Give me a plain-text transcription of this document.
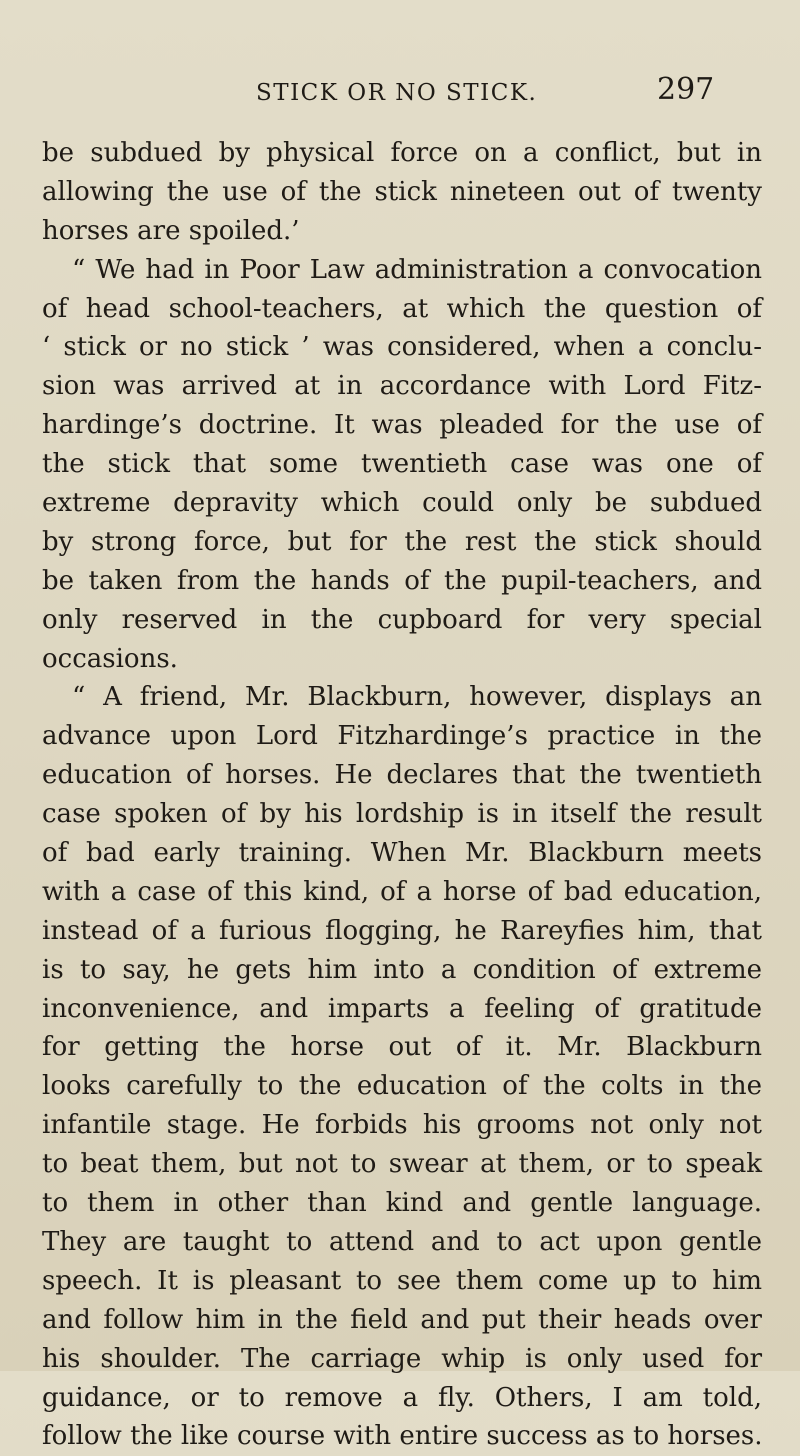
STICK OR NO STICK.	297
be subdued by physical force on a conflict, but in
allowing the use of the stick nineteen out of twenty
horses are spoiled.’
“ We had in Poor Law administration a convocation
of head school-teachers, at which the question of
‘ stick or no stick ’ was considered, when a conclu-
sion was arrived at in accordance with Lord Fitz-
hardinge’s doctrine. It was pleaded for the use of
the stick that some twentieth case was one of
extreme depravity which could only be subdued
by strong force, but for the rest the stick should
be taken from the hands of the pupil-teachers, and
only reserved in the cupboard for very special
occasions.
“ A friend, Mr. Blackburn, however, displays an
advance upon Lord Fitzhardinge’s practice in the
education of horses. He declares that the twentieth
case spoken of by his lordship is in itself the result
of bad early training. When Mr. Blackburn meets
with a case of this kind, of a horse of bad education,
instead of a furious flogging, he Rareyfies him, that
is to say, he gets him into a condition of extreme
inconvenience, and imparts a feeling of gratitude
for getting the horse out of it. Mr. Blackburn
looks carefully to the education of the colts in the
infantile stage. He forbids his grooms not only not
to beat them, but not to swear at them, or to speak
to them in other than kind and gentle language.
They are taught to attend and to act upon gentle
speech. It is pleasant to see them come up to him
and follow him in the field and put their heads over
his shoulder. The carriage whip is only used for
guidance, or to remove a fly. Others, I am told,
follow the like course with entire success as to horses.
